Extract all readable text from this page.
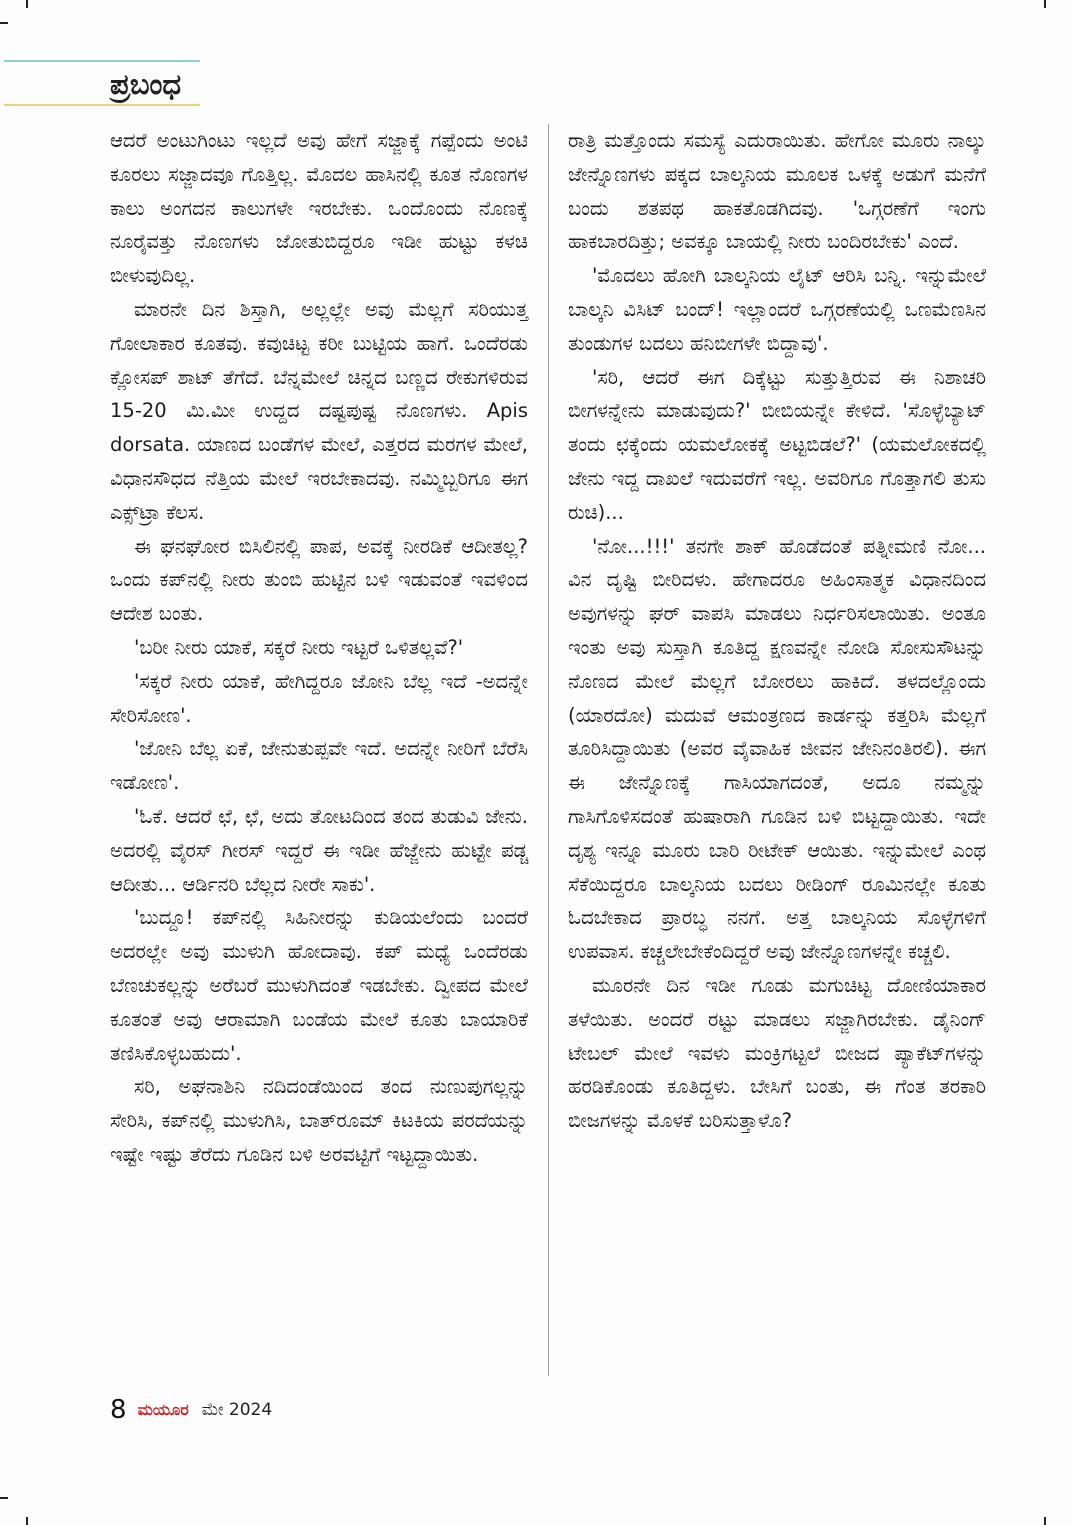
ಪ್ರಬಂಧ

ಆದರೆ ಅಂಟುಗಿಂಟು ಇಲ್ಲದೆ ಅವು ಹೇಗೆ ಸಜ್ಜಾಕ್ಕೆ ಗಪ್ಪೆಂದು ಅಂಟಿ ಕೂರಲು ಸಜ್ಜಾದವೂ ಗೊತ್ತಿಲ್ಲ. ಮೊದಲ ಹಾಸಿನಲ್ಲಿ ಕೂತ ನೊಣಗಳ ಕಾಲು ಅಂಗದನ ಕಾಲುಗಳೇ ಇರಬೇಕು. ಒಂದೊಂದು ನೊಣಕ್ಕೆ ನೂರೈವತ್ತು ನೊಣಗಳು ಜೋತುಬಿದ್ದರೂ ಇಡೀ ಹುಟ್ಟು ಕಳಚಿ ಬೀಳುವುದಿಲ್ಲ.

ಮಾರನೇ ದಿನ ಶಿಸ್ತಾಗಿ, ಅಲ್ಲಲ್ಲೇ ಅವು ಮೆಲ್ಲಗೆ ಸರಿಯುತ್ತ ಗೋಲಾಕಾರ ಕೂತವು. ಕವುಚಿಟ್ಟ ಕರೀ ಬುಟ್ಟಿಯ ಹಾಗೆ. ಒಂದೆರಡು ಕ್ಲೋಸಪ್ ಶಾಟ್ ತೆಗೆದೆ. ಬೆನ್ನಮೇಲೆ ಚಿನ್ನದ ಬಣ್ಣದ ರೇಕುಗಳಿರುವ 15-20 ಮಿ.ಮೀ ಉದ್ದದ ದಷ್ಟಪುಷ್ಟ ನೊಣಗಳು. Apis dorsata. ಯಾಣದ ಬಂಡೆಗಳ ಮೇಲೆ, ಎತ್ತರದ ಮರಗಳ ಮೇಲೆ, ವಿಧಾನಸೌಧದ ನೆತ್ತಿಯ ಮೇಲೆ ಇರಬೇಕಾದವು. ನಮ್ಮಿಬ್ಬರಿಗೂ ಈಗ ಎಕ್ಸ್‌ಟ್ರಾ ಕೆಲಸ.

ಈ ಘನಘೋರ ಬಿಸಿಲಿನಲ್ಲಿ ಪಾಪ, ಅವಕ್ಕೆ ನೀರಡಿಕೆ ಆದೀತಲ್ಲ? ಒಂದು ಕಪ್‌ನಲ್ಲಿ ನೀರು ತುಂಬಿ ಹುಟ್ಟಿನ ಬಳಿ ಇಡುವಂತೆ ಇವಳಿಂದ ಆದೇಶ ಬಂತು.

'ಬರೀ ನೀರು ಯಾಕೆ, ಸಕ್ಕರೆ ನೀರು ಇಟ್ಟರೆ ಒಳಿತಲ್ಲವೆ?'

'ಸಕ್ಕರೆ ನೀರು ಯಾಕೆ, ಹೇಗಿದ್ದರೂ ಜೋನಿ ಬೆಲ್ಲ ಇದೆ -ಅದನ್ನೇ ಸೇರಿಸೋಣ'.

'ಜೋನಿ ಬೆಲ್ಲ ಏಕೆ, ಜೇನುತುಪ್ಪವೇ ಇದೆ. ಅದನ್ನೇ ನೀರಿಗೆ ಬೆರೆಸಿ ಇಡೋಣ'.

'ಓಕೆ. ಆದರೆ ಛೆ, ಛೆ, ಅದು ತೋಟದಿಂದ ತಂದ ತುಡುವಿ ಜೇನು. ಅದರಲ್ಲಿ ವೈರಸ್ ಗೀರಸ್ ಇದ್ದರೆ ಈ ಇಡೀ ಹೆಜ್ಜೇನು ಹುಟ್ಟೇ ಪಡ್ಚ ಆದೀತು... ಆರ್ಡಿನರಿ ಬೆಲ್ಲದ ನೀರೇ ಸಾಕು'.

'ಬುದ್ದೂ! ಕಪ್‌ನಲ್ಲಿ ಸಿಹಿನೀರನ್ನು ಕುಡಿಯಲೆಂದು ಬಂದರೆ ಅದರಲ್ಲೇ ಅವು ಮುಳುಗಿ ಹೋದಾವು. ಕಪ್ ಮಧ್ಯೆ ಒಂದೆರಡು ಬೆಣಚುಕಲ್ಲನ್ನು ಅರೆಬರೆ ಮುಳುಗಿದಂತೆ ಇಡಬೇಕು. ದ್ವೀಪದ ಮೇಲೆ ಕೂತಂತೆ ಅವು ಆರಾಮಾಗಿ ಬಂಡೆಯ ಮೇಲೆ ಕೂತು ಬಾಯಾರಿಕೆ ತಣಿಸಿಕೊಳ್ಳಬಹುದು'.

ಸರಿ, ಅಘನಾಶಿನಿ ನದಿದಂಡೆಯಿಂದ ತಂದ ನುಣುಪುಗಲ್ಲನ್ನು ಸೇರಿಸಿ, ಕಪ್‌ನಲ್ಲಿ ಮುಳುಗಿಸಿ, ಬಾತ್‌ರೂಮ್ ಕಿಟಕಿಯ ಪರದೆಯನ್ನು ಇಷ್ಟೇ ಇಷ್ಟು ತೆರೆದು ಗೂಡಿನ ಬಳಿ ಅರವಟ್ಟಿಗೆ ಇಟ್ಟದ್ದಾಯಿತು.

ರಾತ್ರಿ ಮತ್ತೊಂದು ಸಮಸ್ಯೆ ಎದುರಾಯಿತು. ಹೇಗೋ ಮೂರು ನಾಲ್ಕು ಜೇನ್ನೊಣಗಳು ಪಕ್ಕದ ಬಾಲ್ಕನಿಯ ಮೂಲಕ ಒಳಕ್ಕೆ ಅಡುಗೆ ಮನೆಗೆ ಬಂದು ಶತಪಥ ಹಾಕತೊಡಗಿದವು. 'ಒಗ್ಗರಣೆಗೆ ಇಂಗು ಹಾಕಬಾರದಿತ್ತು; ಅವಕ್ಕೂ ಬಾಯಲ್ಲಿ ನೀರು ಬಂದಿರಬೇಕು' ಎಂದೆ.

'ಮೊದಲು ಹೋಗಿ ಬಾಲ್ಕನಿಯ ಲೈಟ್ ಆರಿಸಿ ಬನ್ನಿ. ಇನ್ನುಮೇಲೆ ಬಾಲ್ಕನಿ ವಿಸಿಟ್ ಬಂದ್! ಇಲ್ಲಾಂದರೆ ಒಗ್ಗರಣೆಯಲ್ಲಿ ಒಣಮೆಣಸಿನ ತುಂಡುಗಳ ಬದಲು ಹನಿಬೀಗಳೇ ಬಿದ್ದಾವು'.

'ಸರಿ, ಆದರೆ ಈಗ ದಿಕ್ಕೆಟ್ಟು ಸುತ್ತುತ್ತಿರುವ ಈ ನಿಶಾಚರಿ ಬೀಗಳನ್ನೇನು ಮಾಡುವುದು?' ಬೀಬಿಯನ್ನೇ ಕೇಳಿದೆ. 'ಸೊಳ್ಳೆಬ್ಯಾಟ್ ತಂದು ಛಕ್ಕೆಂದು ಯಮಲೋಕಕ್ಕೆ ಅಟ್ಟಬಿಡಲೆ?' (ಯಮಲೋಕದಲ್ಲಿ ಜೇನು ಇದ್ದ ದಾಖಲೆ ಇದುವರೆಗೆ ಇಲ್ಲ. ಅವರಿಗೂ ಗೊತ್ತಾಗಲಿ ತುಸು ರುಚಿ)...

'ನೋ...!!!' ತನಗೇ ಶಾಕ್ ಹೊಡೆದಂತೆ ಪತ್ನೀಮಣಿ ನೋ... ವಿನ ದೃಷ್ಟಿ ಬೀರಿದಳು. ಹೇಗಾದರೂ ಅಹಿಂಸಾತ್ಮಕ ವಿಧಾನದಿಂದ ಅವುಗಳನ್ನು ಘರ್ ವಾಪಸಿ ಮಾಡಲು ನಿರ್ಧರಿಸಲಾಯಿತು. ಅಂತೂ ಇಂತು ಅವು ಸುಸ್ತಾಗಿ ಕೂತಿದ್ದ ಕ್ಷಣವನ್ನೇ ನೋಡಿ ಸೋಸುಸೌಟನ್ನು ನೊಣದ ಮೇಲೆ ಮೆಲ್ಲಗೆ ಬೋರಲು ಹಾಕಿದೆ. ತಳದಲ್ಲೊಂದು (ಯಾರದೋ) ಮದುವೆ ಆಮಂತ್ರಣದ ಕಾರ್ಡನ್ನು ಕತ್ತರಿಸಿ ಮೆಲ್ಲಗೆ ತೂರಿಸಿದ್ದಾಯಿತು (ಅವರ ವೈವಾಹಿಕ ಜೀವನ ಜೇನಿನಂತಿರಲಿ). ಈಗ ಈ ಜೇನ್ನೊಣಕ್ಕೆ ಗಾಸಿಯಾಗದಂತೆ, ಅದೂ ನಮ್ಮನ್ನು ಗಾಸಿಗೊಳಿಸದಂತೆ ಹುಷಾರಾಗಿ ಗೂಡಿನ ಬಳಿ ಬಿಟ್ಟದ್ದಾಯಿತು. ಇದೇ ದೃಶ್ಯ ಇನ್ನೂ ಮೂರು ಬಾರಿ ರೀಟೇಕ್ ಆಯಿತು. ಇನ್ನುಮೇಲೆ ಎಂಥ ಸೆಕೆಯಿದ್ದರೂ ಬಾಲ್ಕನಿಯ ಬದಲು ರೀಡಿಂಗ್ ರೂಮಿನಲ್ಲೇ ಕೂತು ಓದಬೇಕಾದ ಪ್ರಾರಬ್ಧ ನನಗೆ. ಅತ್ತ ಬಾಲ್ಕನಿಯ ಸೊಳ್ಳೆಗಳಿಗೆ ಉಪವಾಸ. ಕಚ್ಚಲೇಬೇಕೆಂದಿದ್ದರೆ ಅವು ಜೇನ್ನೊಣಗಳನ್ನೇ ಕಚ್ಚಲಿ.

ಮೂರನೇ ದಿನ ಇಡೀ ಗೂಡು ಮಗುಚಿಟ್ಟ ದೋಣಿಯಾಕಾರ ತಳೆಯಿತು. ಅಂದರೆ ರಟ್ಟು ಮಾಡಲು ಸಜ್ಜಾಗಿರಬೇಕು. ಡೈನಿಂಗ್ ಟೇಬಲ್ ಮೇಲೆ ಇವಳು ಮಂಕ್ರಿಗಟ್ಟಲೆ ಬೀಜದ ಪ್ಯಾಕೆಟ್‌ಗಳನ್ನು ಹರಡಿಕೊಂಡು ಕೂತಿದ್ದಳು. ಬೇಸಿಗೆ ಬಂತು, ಈ ಗೆಂತ ತರಕಾರಿ ಬೀಜಗಳನ್ನು ಮೊಳಕೆ ಬರಿಸುತ್ತಾಳೊ?

8 ಮಯೂರ ಮೇ 2024
